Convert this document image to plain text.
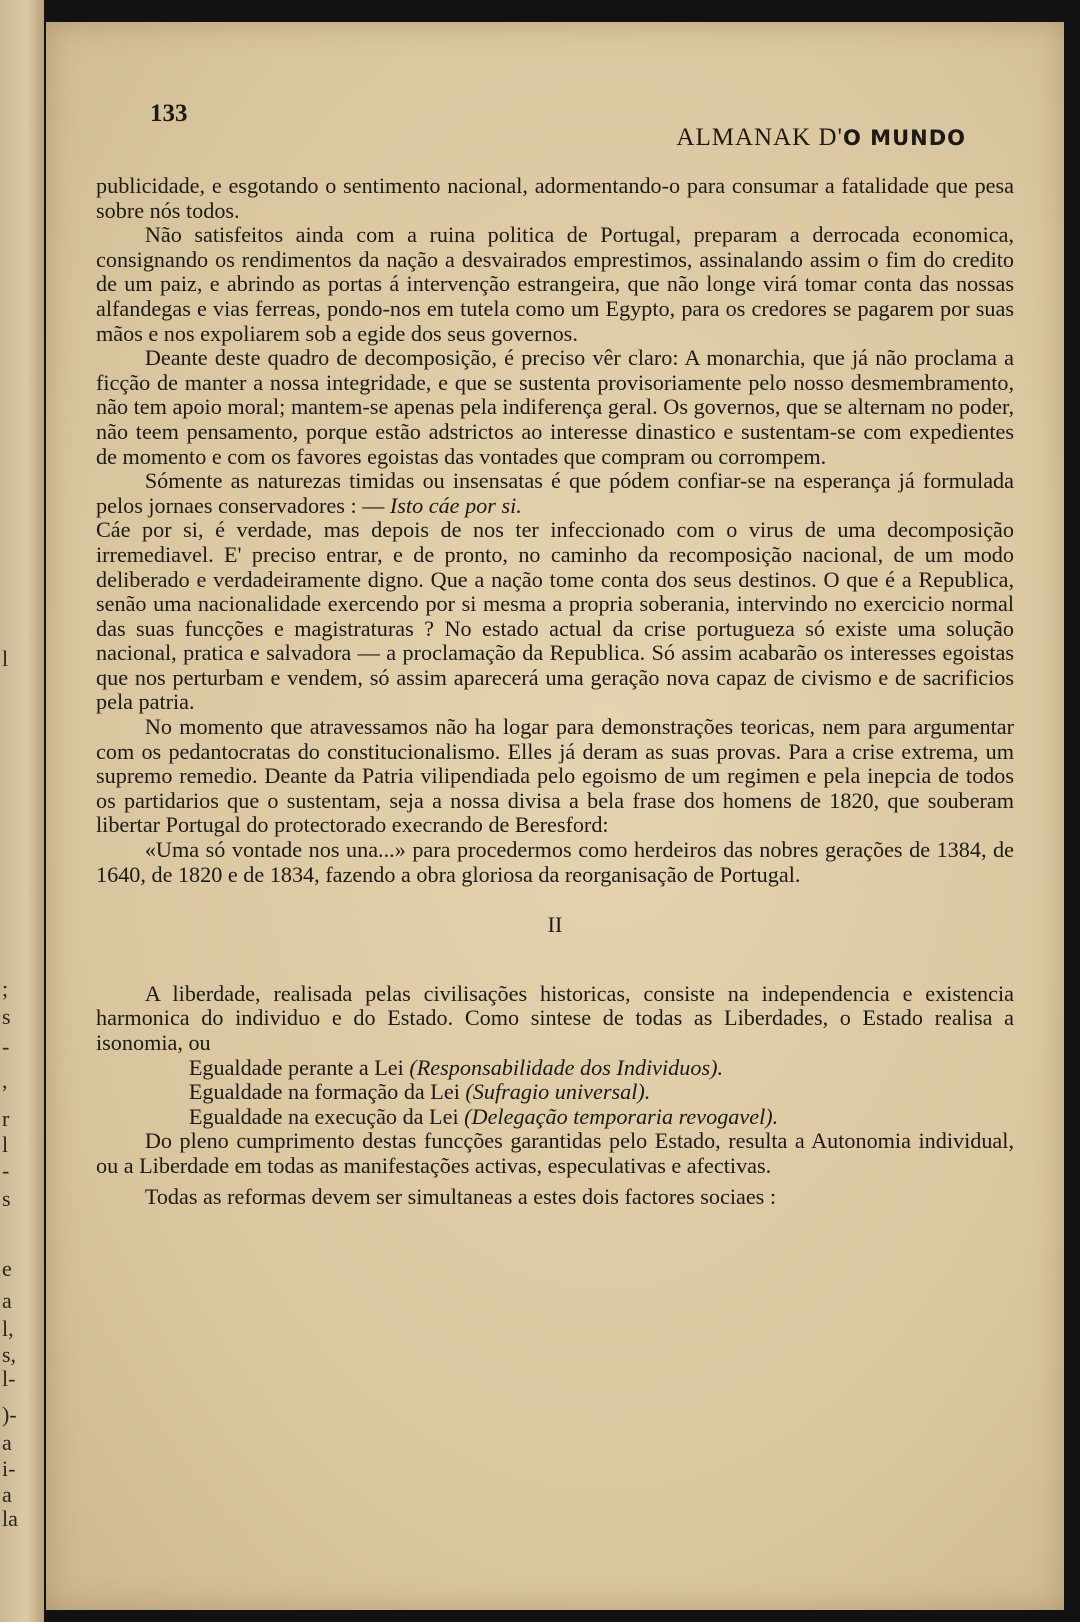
l
;
s
-
,
r
l
-
s
e
a
l,
s,
l-
)-
a
i-
a
la
133
ALMANAK D'O MUNDO

publicidade, e esgotando o sentimento nacional, adormentando-o para consumar a fatalidade que pesa sobre nós todos.

Não satisfeitos ainda com a ruina politica de Portugal, preparam a derrocada economica, consignando os rendimentos da nação a desvairados emprestimos, assinalando assim o fim do credito de um paiz, e abrindo as portas á intervenção estrangeira, que não longe virá tomar conta das nossas alfandegas e vias ferreas, pondo-nos em tutela como um Egypto, para os credores se pagarem por suas mãos e nos expoliarem sob a egide dos seus governos.

Deante deste quadro de decomposição, é preciso vêr claro: A monarchia, que já não proclama a ficção de manter a nossa integridade, e que se sustenta provisoriamente pelo nosso desmembramento, não tem apoio moral; mantem-se apenas pela indiferença geral. Os governos, que se alternam no poder, não teem pensamento, porque estão adstrictos ao interesse dinastico e sustentam-se com expedientes de momento e com os favores egoistas das vontades que compram ou corrompem.

Sómente as naturezas timidas ou insensatas é que pódem confiar-se na esperança já formulada pelos jornaes conservadores : — Isto cáe por si.

Cáe por si, é verdade, mas depois de nos ter infeccionado com o virus de uma decomposição irremediavel. E' preciso entrar, e de pronto, no caminho da recomposição nacional, de um modo deliberado e verdadeiramente digno. Que a nação tome conta dos seus destinos. O que é a Republica, senão uma nacionalidade exercendo por si mesma a propria soberania, intervindo no exercicio normal das suas funcções e magistraturas ? No estado actual da crise portugueza só existe uma solução nacional, pratica e salvadora — a proclamação da Republica. Só assim acabarão os interesses egoistas que nos perturbam e vendem, só assim aparecerá uma geração nova capaz de civismo e de sacrificios pela patria.

No momento que atravessamos não ha logar para demonstrações teoricas, nem para argumentar com os pedantocratas do constitucionalismo. Elles já deram as suas provas. Para a crise extrema, um supremo remedio. Deante da Patria vilipendiada pelo egoismo de um regimen e pela inepcia de todos os partidarios que o sustentam, seja a nossa divisa a bela frase dos homens de 1820, que souberam libertar Portugal do protectorado execrando de Beresford:

«Uma só vontade nos una...» para procedermos como herdeiros das nobres gerações de 1384, de 1640, de 1820 e de 1834, fazendo a obra gloriosa da reorganisação de Portugal.

II

A liberdade, realisada pelas civilisações historicas, consiste na independencia e existencia harmonica do individuo e do Estado. Como sintese de todas as Liberdades, o Estado realisa a isonomia, ou

Egualdade perante a Lei (Responsabilidade dos Individuos).

Egualdade na formação da Lei (Sufragio universal).

Egualdade na execução da Lei (Delegação temporaria revogavel).

Do pleno cumprimento destas funcções garantidas pelo Estado, resulta a Autonomia individual, ou a Liberdade em todas as manifestações activas, especulativas e afectivas.

Todas as reformas devem ser simultaneas a estes dois factores sociaes :
